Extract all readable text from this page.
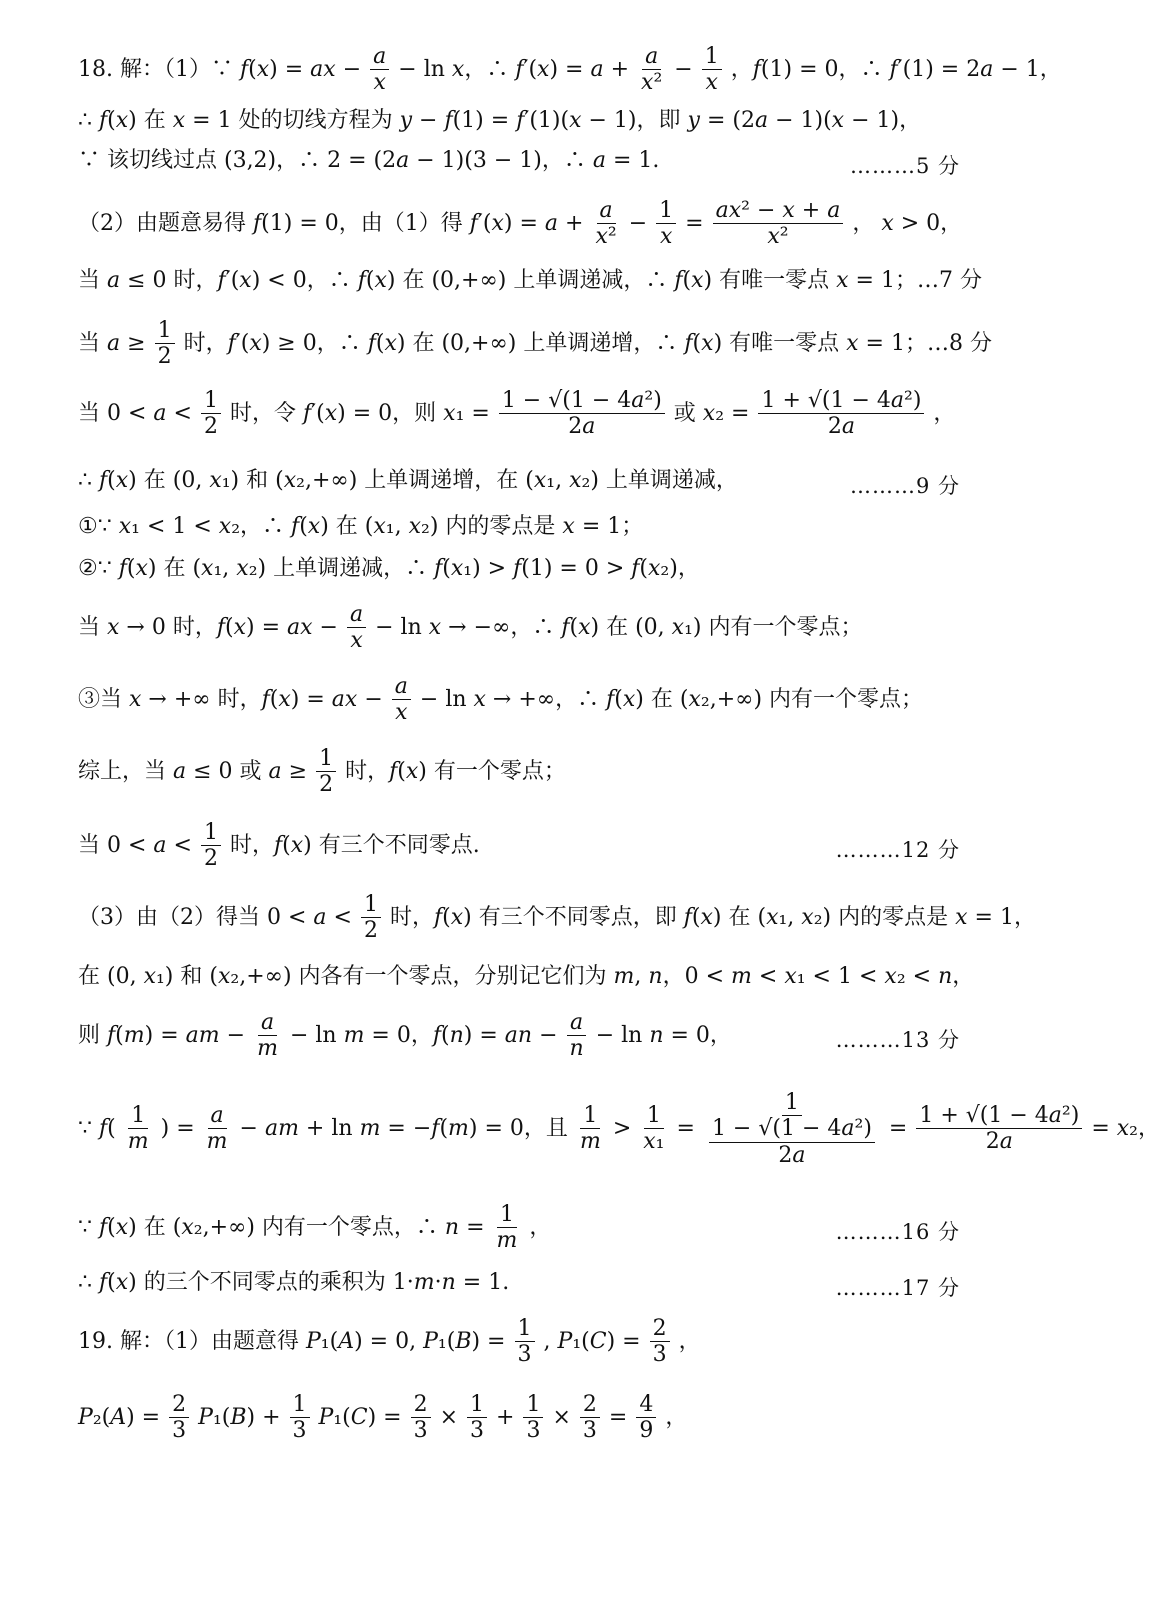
18. 解：（1）∵ f(x) = ax − $\frac{a}{x} - \ln x$，∴ $f'(x) = a + \frac{a}{\text{x²}} - \frac{1}{x}$ ，f(1) = 0，∴ f′(1) = 2a − 1，
∴ f(x) 在 x = 1 处的切线方程为 y − f(1) = f′(1)(x − 1)，即 y = (2a − 1)(x − 1)，
∵ 该切线过点 (3,2)，∴ 2 = (2a − 1)(3 − 1)，∴ a = 1.	………5 分
（2）由题意易得 f(1) = 0，由（1）得 $f'(x) = a + \frac{a}{\text{x²}} - \frac{1}{x} = \frac{\text{ax² − x + a}}{\text{x²}}$ ， x > 0，
当 a ≤ 0 时，f′(x) < 0，∴ f(x) 在 (0,+∞) 上单调递减，∴ f(x) 有唯一零点 x = 1；…7 分
当 $a \ge \frac{1}{2}$ 时，f′(x) ≥ 0，∴ f(x) 在 (0,+∞) 上单调递增，∴ f(x) 有唯一零点 x = 1；…8 分
当 $0 < a < \frac{1}{2}$ 时，令 f′(x) = 0，则 $x_1 = \frac{\text{1 − √(1 − 4a²)}}{2a}$ 或 $x_2 = \frac{\text{1 + √(1 − 4a²)}}{2a}$ ，
∴ f(x) 在 (0, x₁) 和 (x₂,+∞) 上单调递增，在 (x₁, x₂) 上单调递减，	………9 分
①∵ x₁ < 1 < x₂，∴ f(x) 在 (x₁, x₂) 内的零点是 x = 1；
②∵ f(x) 在 (x₁, x₂) 上单调递减，∴ f(x₁) > f(1) = 0 > f(x₂)，
当 x → 0 时，f(x) = ax − $\frac{a}{x} - \ln x$ → −∞，∴ f(x) 在 (0, x₁) 内有一个零点；
③当 x → +∞ 时，f(x) = ax − $\frac{a}{x} - \ln x$ → +∞，∴ f(x) 在 (x₂,+∞) 内有一个零点；
综上，当 a ≤ 0 或 $a \ge \frac{1}{2}$ 时，f(x) 有一个零点；
当 $0 < a < \frac{1}{2}$ 时，f(x) 有三个不同零点.	………12 分
（3）由（2）得当 $0 < a < \frac{1}{2}$ 时，f(x) 有三个不同零点，即 f(x) 在 (x₁, x₂) 内的零点是 x = 1，
在 (0, x₁) 和 (x₂,+∞) 内各有一个零点，分别记它们为 m, n，0 < m < x₁ < 1 < x₂ < n，
则 f(m) = am − $\frac{a}{m} - \ln m = 0$，f(n) = an − $\frac{a}{n} - \ln n = 0$，	………13 分
∵ $f( \frac{1}{m}$ ) = $\frac{a}{m}$ − am + ln m = −f(m) = 0，且 $\frac{1}{m} > \frac{1}{\text{x₁}} = \frac{1}{\frac{\text{1 − √(1 − 4a²)}}{2a}} = \frac{\text{1 + √(1 − 4a²)}}{2a} = x_2$，
∵ f(x) 在 (x₂,+∞) 内有一个零点，∴ $n = \frac{1}{m}$ ，	………16 分
∴ f(x) 的三个不同零点的乘积为 1·m·n = 1.	………17 分
19. 解：（1）由题意得 P₁(A) = 0, $P_1(B) = \frac{1}{3}$ , $P_1(C) = \frac{2}{3}$ ，
$P_2(A) = \frac{2}{3} P_1(B) + \frac{1}{3} P_1(C) = \frac{2}{3} \times \frac{1}{3} + \frac{1}{3} \times \frac{2}{3} = \frac{4}{9}$ ，
